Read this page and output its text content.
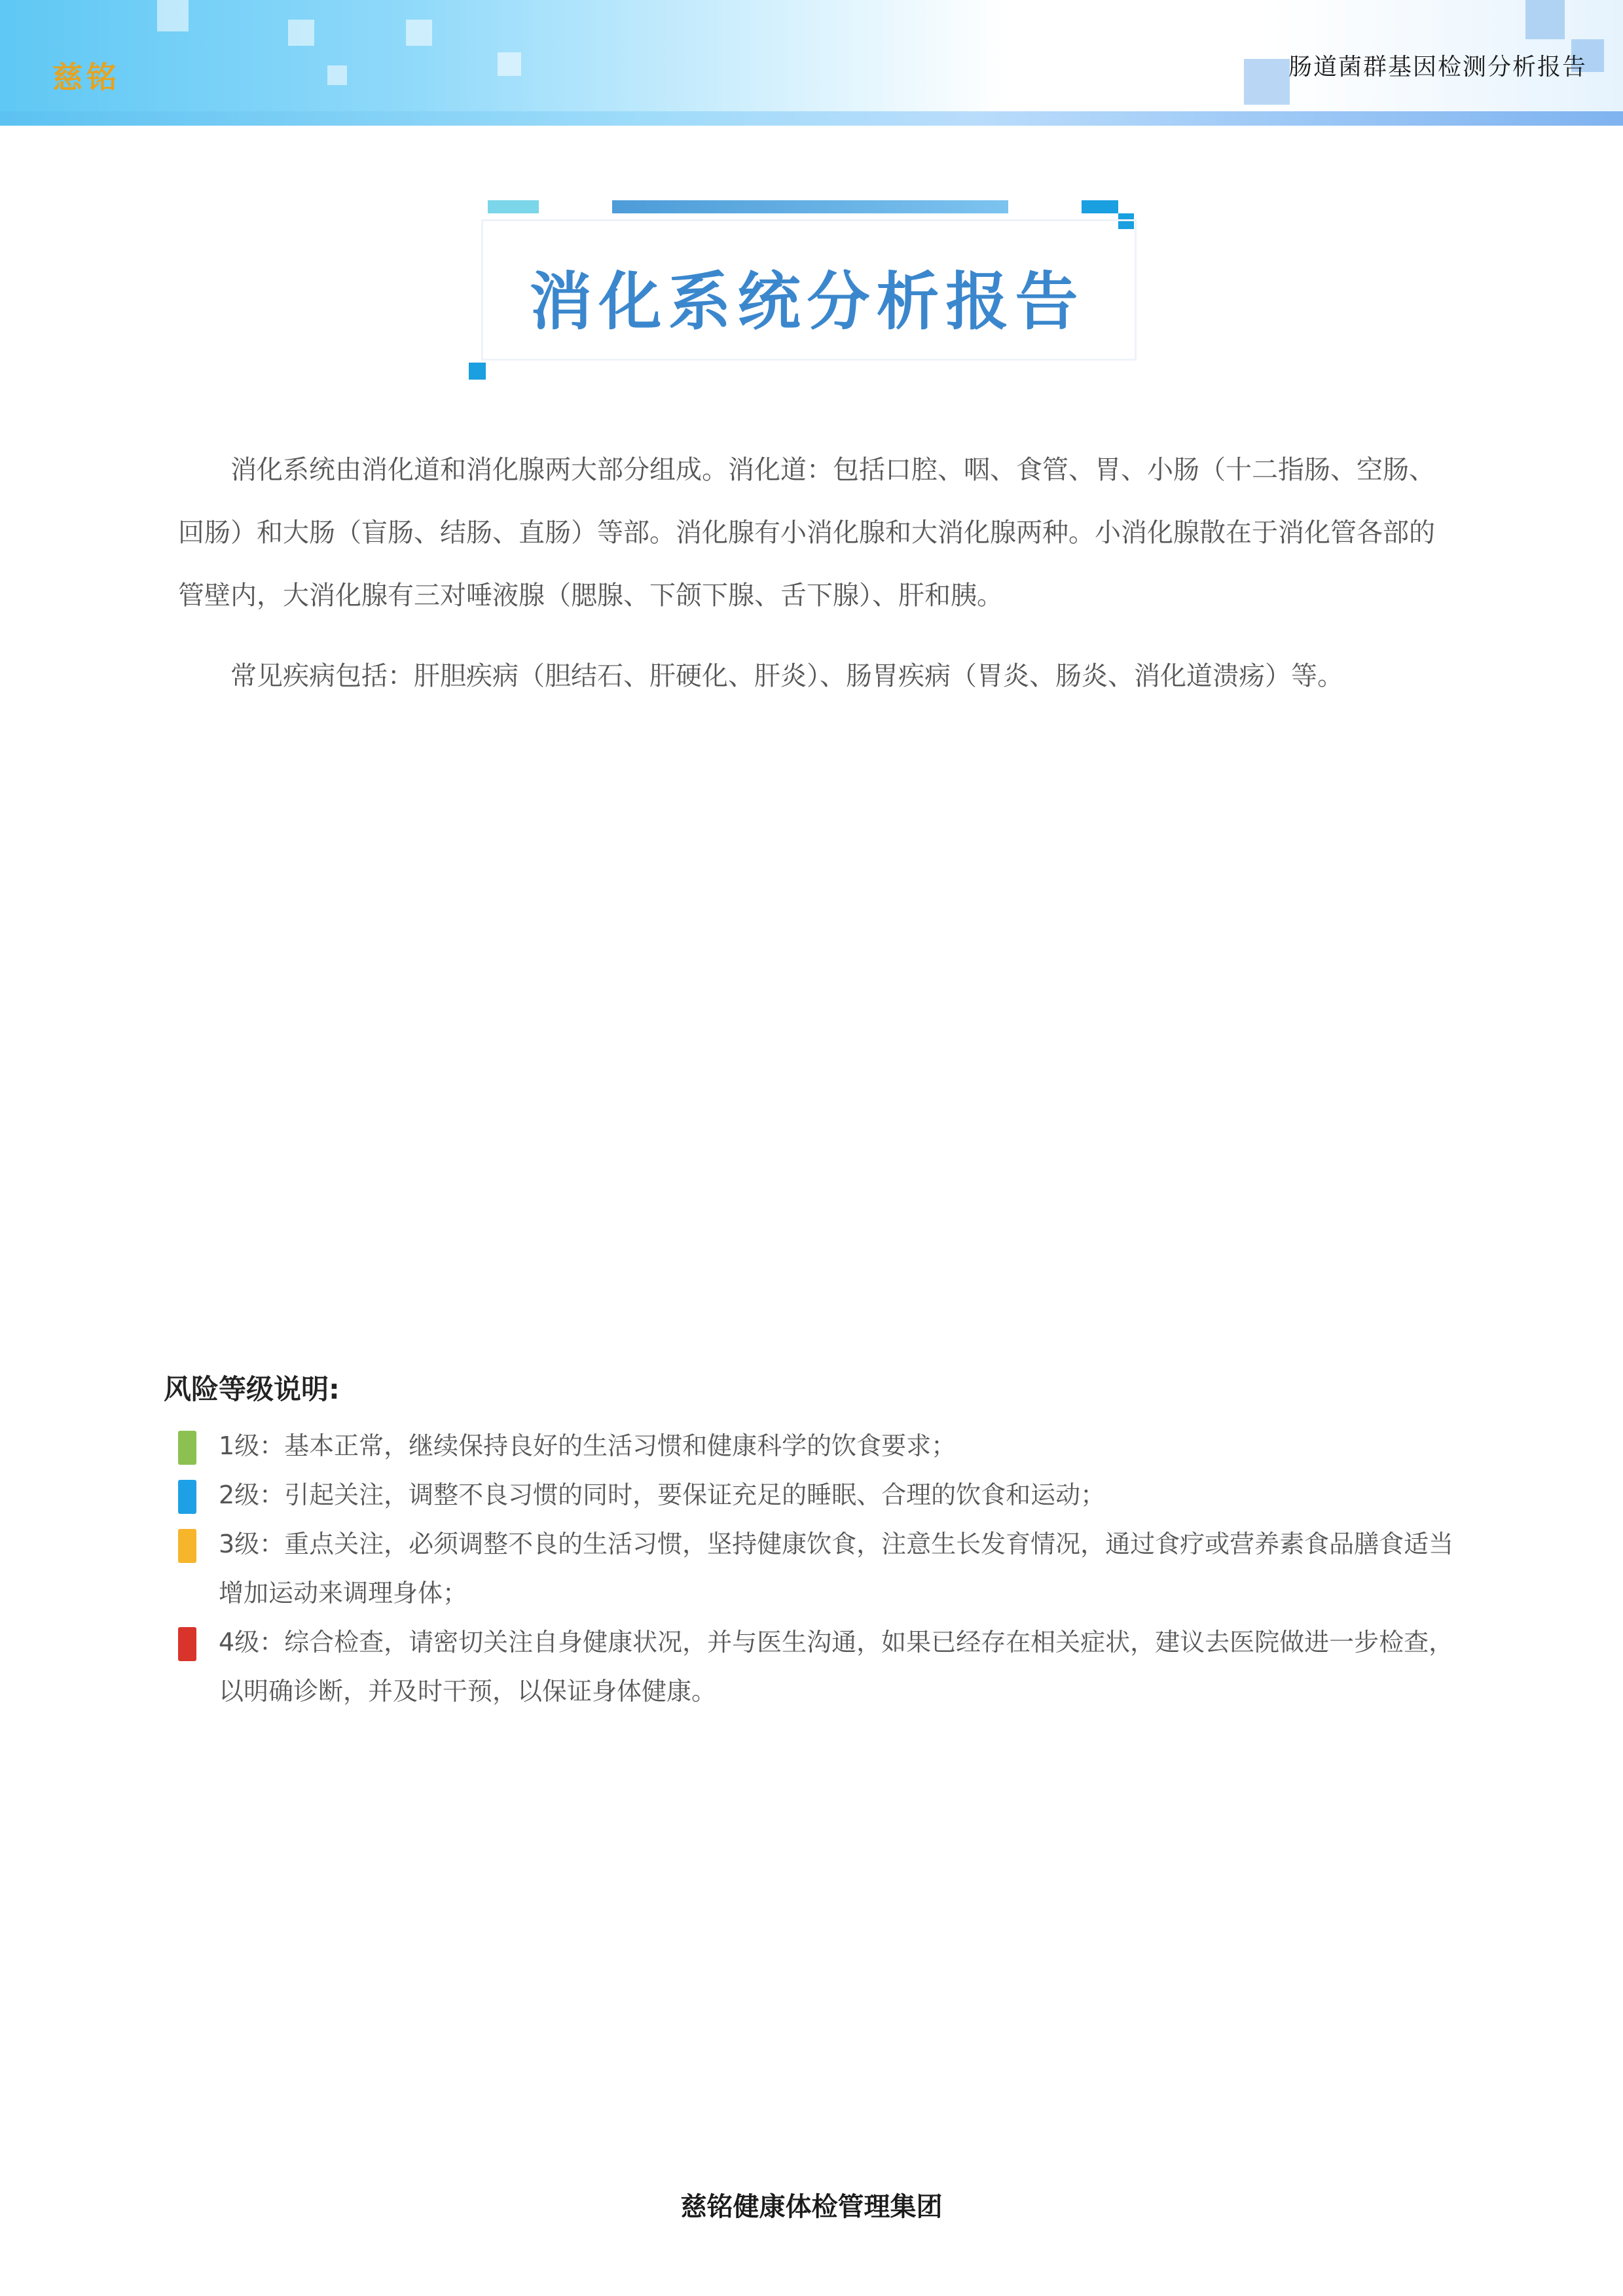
慈铭	肠道菌群基因检测分析报告
消化系统分析报告

消化系统由消化道和消化腺两大部分组成。消化道：包括口腔、咽、食管、胃、小肠（十二指肠、空肠、回肠）和大肠（盲肠、结肠、直肠）等部。消化腺有小消化腺和大消化腺两种。小消化腺散在于消化管各部的管壁内，大消化腺有三对唾液腺（腮腺、下颌下腺、舌下腺）、肝和胰。

常见疾病包括：肝胆疾病（胆结石、肝硬化、肝炎）、肠胃疾病（胃炎、肠炎、消化道溃疡）等。

风险等级说明:
1级：基本正常，继续保持良好的生活习惯和健康科学的饮食要求；
2级：引起关注，调整不良习惯的同时，要保证充足的睡眠、合理的饮食和运动；
3级：重点关注，必须调整不良的生活习惯，坚持健康饮食，注意生长发育情况，通过食疗或营养素食品膳食适当增加运动来调理身体；
4级：综合检查，请密切关注自身健康状况，并与医生沟通，如果已经存在相关症状，建议去医院做进一步检查，以明确诊断，并及时干预，以保证身体健康。
慈铭健康体检管理集团
